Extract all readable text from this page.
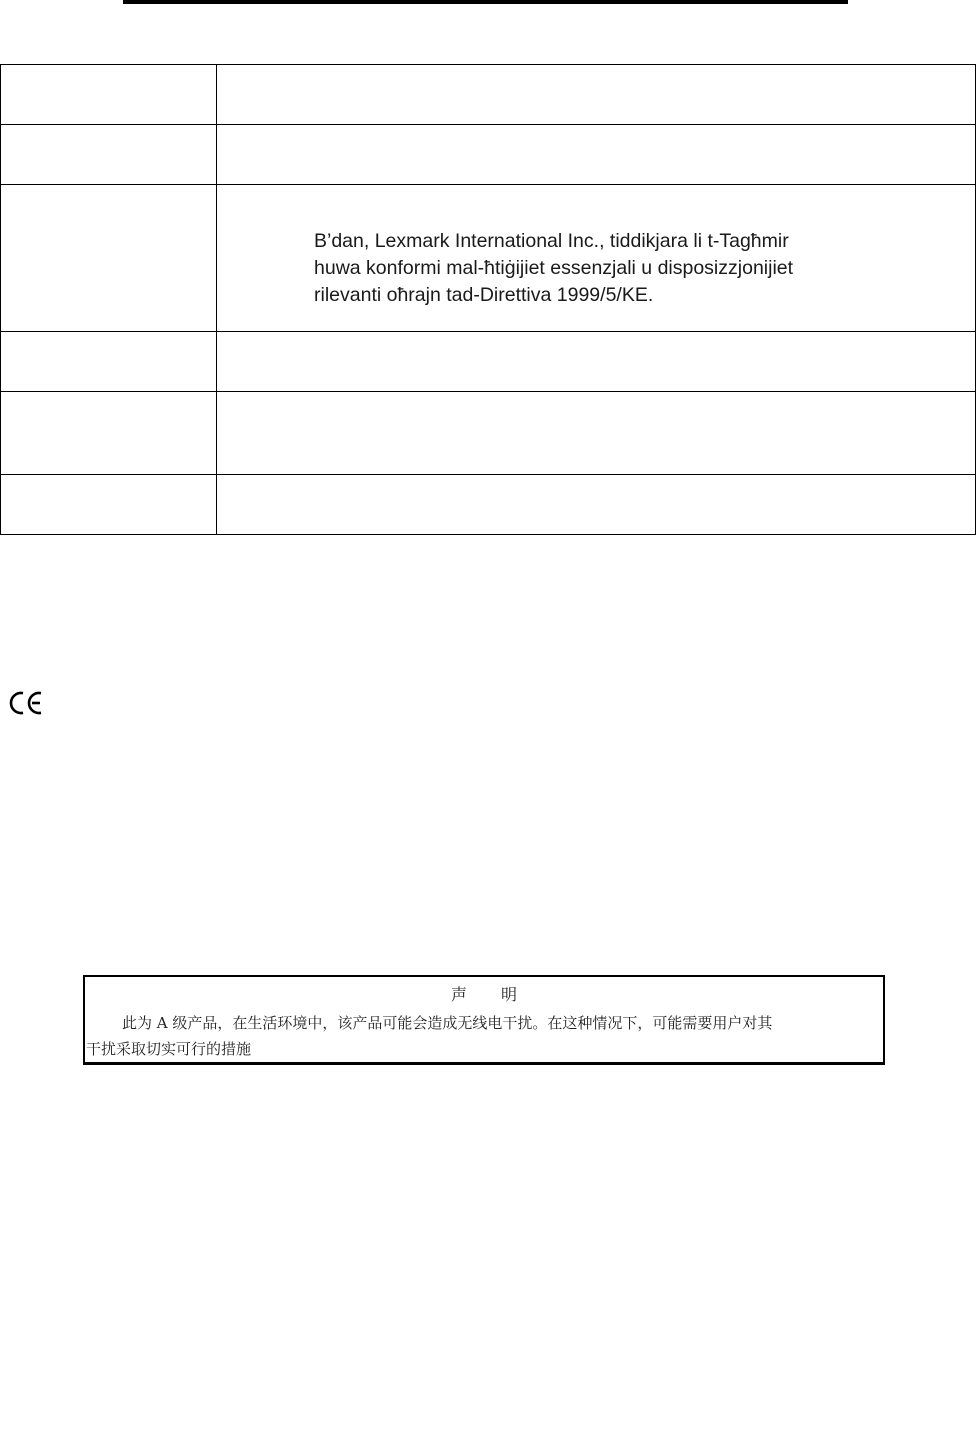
	B’dan, Lexmark International Inc., tiddikjara li t-Tagħmir
huwa konformi mal-ħtiġijiet essenzjali u disposizzjonijiet
rilevanti oħrajn tad-Direttiva 1999/5/KE.

声 明

此为 A 级产品，在生活环境中，该产品可能会造成无线电干扰。在这种情况下，可能需要用户对其
干扰采取切实可行的措施
